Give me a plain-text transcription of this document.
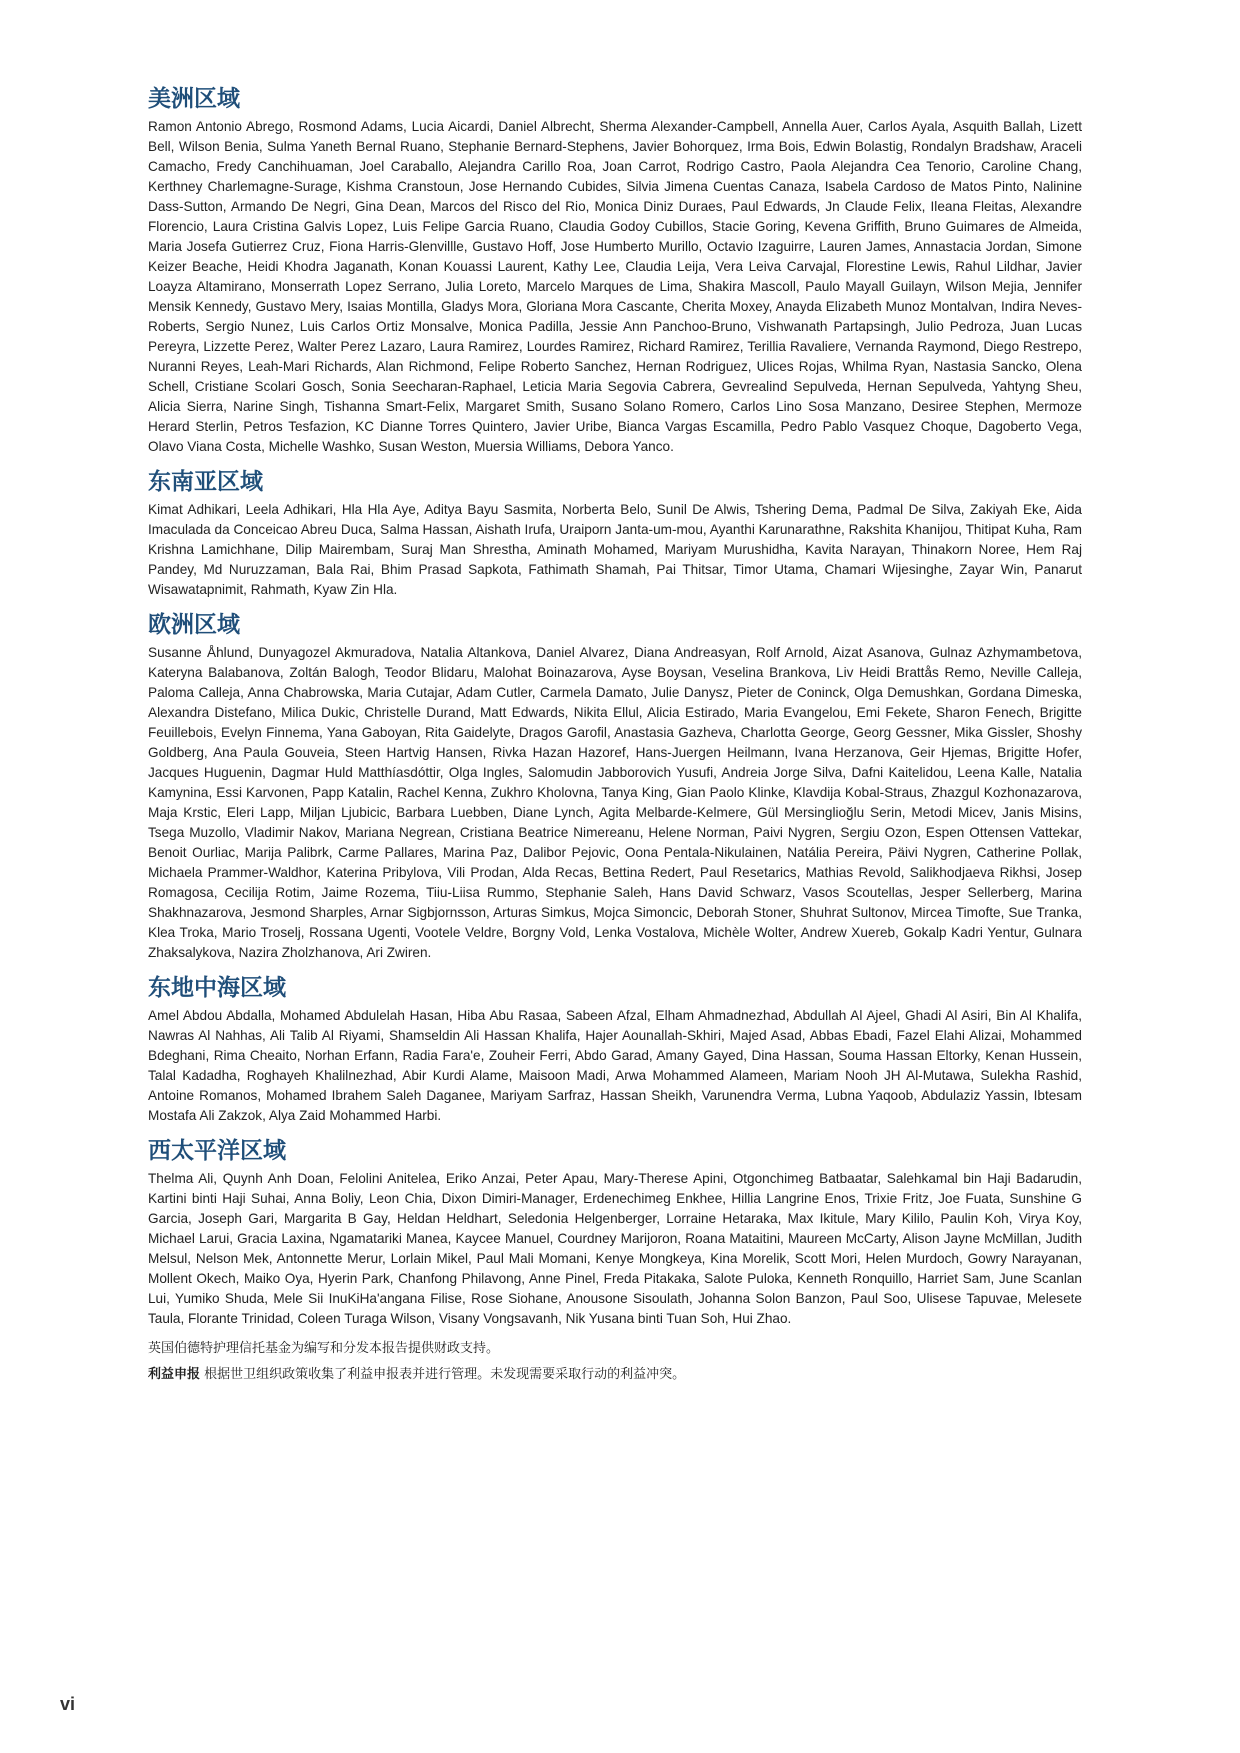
美洲区域

Ramon Antonio Abrego, Rosmond Adams, Lucia Aicardi, Daniel Albrecht, Sherma Alexander-Campbell, Annella Auer, Carlos Ayala, Asquith Ballah, Lizett Bell, Wilson Benia, Sulma Yaneth Bernal Ruano, Stephanie Bernard-Stephens, Javier Bohorquez, Irma Bois, Edwin Bolastig, Rondalyn Bradshaw, Araceli Camacho, Fredy Canchihuaman, Joel Caraballo, Alejandra Carillo Roa, Joan Carrot, Rodrigo Castro, Paola Alejandra Cea Tenorio, Caroline Chang, Kerthney Charlemagne-Surage, Kishma Cranstoun, Jose Hernando Cubides, Silvia Jimena Cuentas Canaza, Isabela Cardoso de Matos Pinto, Nalinine Dass-Sutton, Armando De Negri, Gina Dean, Marcos del Risco del Rio, Monica Diniz Duraes, Paul Edwards, Jn Claude Felix, Ileana Fleitas, Alexandre Florencio, Laura Cristina Galvis Lopez, Luis Felipe Garcia Ruano, Claudia Godoy Cubillos, Stacie Goring, Kevena Griffith, Bruno Guimares de Almeida, Maria Josefa Gutierrez Cruz, Fiona Harris-Glenvillle, Gustavo Hoff, Jose Humberto Murillo, Octavio Izaguirre, Lauren James, Annastacia Jordan, Simone Keizer Beache, Heidi Khodra Jaganath, Konan Kouassi Laurent, Kathy Lee, Claudia Leija, Vera Leiva Carvajal, Florestine Lewis, Rahul Lildhar, Javier Loayza Altamirano, Monserrath Lopez Serrano, Julia Loreto, Marcelo Marques de Lima, Shakira Mascoll, Paulo Mayall Guilayn, Wilson Mejia, Jennifer Mensik Kennedy, Gustavo Mery, Isaias Montilla, Gladys Mora, Gloriana Mora Cascante, Cherita Moxey, Anayda Elizabeth Munoz Montalvan, Indira Neves- Roberts, Sergio Nunez, Luis Carlos Ortiz Monsalve, Monica Padilla, Jessie Ann Panchoo-Bruno, Vishwanath Partapsingh, Julio Pedroza, Juan Lucas Pereyra, Lizzette Perez, Walter Perez Lazaro, Laura Ramirez, Lourdes Ramirez, Richard Ramirez, Terillia Ravaliere, Vernanda Raymond, Diego Restrepo, Nuranni Reyes, Leah-Mari Richards, Alan Richmond, Felipe Roberto Sanchez, Hernan Rodriguez, Ulices Rojas, Whilma Ryan, Nastasia Sancko, Olena Schell, Cristiane Scolari Gosch, Sonia Seecharan-Raphael, Leticia Maria Segovia Cabrera, Gevrealind Sepulveda, Hernan Sepulveda, Yahtyng Sheu, Alicia Sierra, Narine Singh, Tishanna Smart-Felix, Margaret Smith, Susano Solano Romero, Carlos Lino Sosa Manzano, Desiree Stephen, Mermoze Herard Sterlin, Petros Tesfazion, KC Dianne Torres Quintero, Javier Uribe, Bianca Vargas Escamilla, Pedro Pablo Vasquez Choque, Dagoberto Vega, Olavo Viana Costa, Michelle Washko, Susan Weston, Muersia Williams, Debora Yanco.

东南亚区域

Kimat Adhikari, Leela Adhikari, Hla Hla Aye, Aditya Bayu Sasmita, Norberta Belo, Sunil De Alwis, Tshering Dema, Padmal De Silva, Zakiyah Eke, Aida Imaculada da Conceicao Abreu Duca, Salma Hassan, Aishath Irufa, Uraiporn Janta-um-mou, Ayanthi Karunarathne, Rakshita Khanijou, Thitipat Kuha, Ram Krishna Lamichhane, Dilip Mairembam, Suraj Man Shrestha, Aminath Mohamed, Mariyam Murushidha, Kavita Narayan, Thinakorn Noree, Hem Raj Pandey, Md Nuruzzaman, Bala Rai, Bhim Prasad Sapkota, Fathimath Shamah, Pai Thitsar, Timor Utama, Chamari Wijesinghe, Zayar Win, Panarut Wisawatapnimit, Rahmath, Kyaw Zin Hla.

欧洲区域

Susanne Åhlund, Dunyagozel Akmuradova, Natalia Altankova, Daniel Alvarez, Diana Andreasyan, Rolf Arnold, Aizat Asanova, Gulnaz Azhymambetova, Kateryna Balabanova, Zoltán Balogh, Teodor Blidaru, Malohat Boinazarova, Ayse Boysan, Veselina Brankova, Liv Heidi Brattås Remo, Neville Calleja, Paloma Calleja, Anna Chabrowska, Maria Cutajar, Adam Cutler, Carmela Damato, Julie Danysz, Pieter de Coninck, Olga Demushkan, Gordana Dimeska, Alexandra Distefano, Milica Dukic, Christelle Durand, Matt Edwards, Nikita Ellul, Alicia Estirado, Maria Evangelou, Emi Fekete, Sharon Fenech, Brigitte Feuillebois, Evelyn Finnema, Yana Gaboyan, Rita Gaidelyte, Dragos Garofil, Anastasia Gazheva, Charlotta George, Georg Gessner, Mika Gissler, Shoshy Goldberg, Ana Paula Gouveia, Steen Hartvig Hansen, Rivka Hazan Hazoref, Hans-Juergen Heilmann, Ivana Herzanova, Geir Hjemas, Brigitte Hofer, Jacques Huguenin, Dagmar Huld Matthíasdóttir, Olga Ingles, Salomudin Jabborovich Yusufi, Andreia Jorge Silva, Dafni Kaitelidou, Leena Kalle, Natalia Kamynina, Essi Karvonen, Papp Katalin, Rachel Kenna, Zukhro Kholovna, Tanya King, Gian Paolo Klinke, Klavdija Kobal-Straus, Zhazgul Kozhonazarova, Maja Krstic, Eleri Lapp, Miljan Ljubicic, Barbara Luebben, Diane Lynch, Agita Melbarde-Kelmere, Gül Mersinglioğlu Serin, Metodi Micev, Janis Misins, Tsega Muzollo, Vladimir Nakov, Mariana Negrean, Cristiana Beatrice Nimereanu, Helene Norman, Paivi Nygren, Sergiu Ozon, Espen Ottensen Vattekar, Benoit Ourliac, Marija Palibrk, Carme Pallares, Marina Paz, Dalibor Pejovic, Oona Pentala-Nikulainen, Natália Pereira, Päivi Nygren, Catherine Pollak, Michaela Prammer-Waldhor, Katerina Pribylova, Vili Prodan, Alda Recas, Bettina Redert, Paul Resetarics, Mathias Revold, Salikhodjaeva Rikhsi, Josep Romagosa, Cecilija Rotim, Jaime Rozema, Tiiu-Liisa Rummo, Stephanie Saleh, Hans David Schwarz, Vasos Scoutellas, Jesper Sellerberg, Marina Shakhnazarova, Jesmond Sharples, Arnar Sigbjornsson, Arturas Simkus, Mojca Simoncic, Deborah Stoner, Shuhrat Sultonov, Mircea Timofte, Sue Tranka, Klea Troka, Mario Troselj, Rossana Ugenti, Vootele Veldre, Borgny Vold, Lenka Vostalova, Michèle Wolter, Andrew Xuereb, Gokalp Kadri Yentur, Gulnara Zhaksalykova, Nazira Zholzhanova, Ari Zwiren.

东地中海区域

Amel Abdou Abdalla, Mohamed Abdulelah Hasan, Hiba Abu Rasaa, Sabeen Afzal, Elham Ahmadnezhad, Abdullah Al Ajeel, Ghadi Al Asiri, Bin Al Khalifa, Nawras Al Nahhas, Ali Talib Al Riyami, Shamseldin Ali Hassan Khalifa, Hajer Aounallah-Skhiri, Majed Asad, Abbas Ebadi, Fazel Elahi Alizai, Mohammed Bdeghani, Rima Cheaito, Norhan Erfann, Radia Fara'e, Zouheir Ferri, Abdo Garad, Amany Gayed, Dina Hassan, Souma Hassan Eltorky, Kenan Hussein, Talal Kadadha, Roghayeh Khalilnezhad, Abir Kurdi Alame, Maisoon Madi, Arwa Mohammed Alameen, Mariam Nooh JH Al-Mutawa, Sulekha Rashid, Antoine Romanos, Mohamed Ibrahem Saleh Daganee, Mariyam Sarfraz, Hassan Sheikh, Varunendra Verma, Lubna Yaqoob, Abdulaziz Yassin, Ibtesam Mostafa Ali Zakzok, Alya Zaid Mohammed Harbi.

西太平洋区域

Thelma Ali, Quynh Anh Doan, Felolini Anitelea, Eriko Anzai, Peter Apau, Mary-Therese Apini, Otgonchimeg Batbaatar, Salehkamal bin Haji Badarudin, Kartini binti Haji Suhai, Anna Boliy, Leon Chia, Dixon Dimiri-Manager, Erdenechimeg Enkhee, Hillia Langrine Enos, Trixie Fritz, Joe Fuata, Sunshine G Garcia, Joseph Gari, Margarita B Gay, Heldan Heldhart, Seledonia Helgenberger, Lorraine Hetaraka, Max Ikitule, Mary Kililo, Paulin Koh, Virya Koy, Michael Larui, Gracia Laxina, Ngamatariki Manea, Kaycee Manuel, Courdney Marijoron, Roana Mataitini, Maureen McCarty, Alison Jayne McMillan, Judith Melsul, Nelson Mek, Antonnette Merur, Lorlain Mikel, Paul Mali Momani, Kenye Mongkeya, Kina Morelik, Scott Mori, Helen Murdoch, Gowry Narayanan, Mollent Okech, Maiko Oya, Hyerin Park, Chanfong Philavong, Anne Pinel, Freda Pitakaka, Salote Puloka, Kenneth Ronquillo, Harriet Sam, June Scanlan Lui, Yumiko Shuda, Mele Sii InuKiHa'angana Filise, Rose Siohane, Anousone Sisoulath, Johanna Solon Banzon, Paul Soo, Ulisese Tapuvae, Melesete Taula, Florante Trinidad, Coleen Turaga Wilson, Visany Vongsavanh, Nik Yusana binti Tuan Soh, Hui Zhao.

英国伯德特护理信托基金为编写和分发本报告提供财政支持。

利益申报 根据世卫组织政策收集了利益申报表并进行管理。未发现需要采取行动的利益冲突。

vi
